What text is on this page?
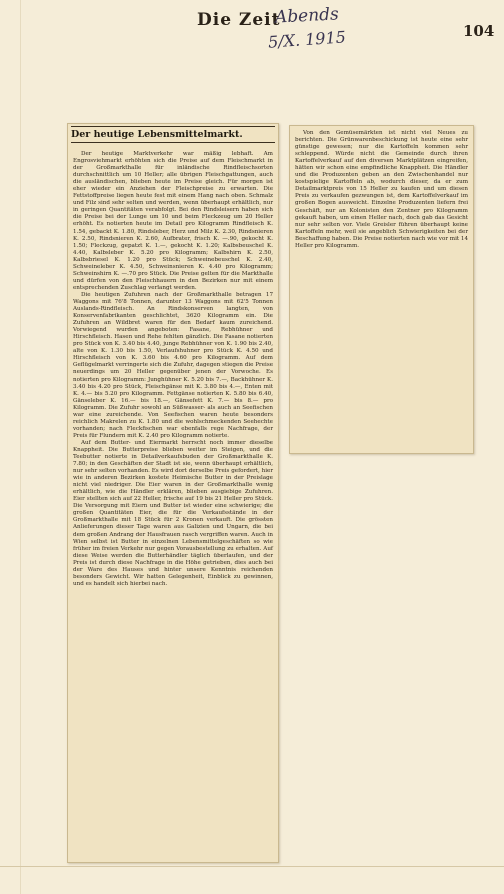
Die Zeit
Abends
5/X. 1915	104
Der heutige Lebensmittelmarkt.

Der heutige Marktverkehr war mäßig lebhaft. Am Engrosviehmarkt erhöhten sich die Preise auf dem Fleischmarkt in der Großmarkthalle für inländische Rindfleischsorten durchschnittlich um 10 Heller; alle übrigen Fleischgattungen, auch die ausländischen, blieben heute im Preise gleich. Für morgen ist eher wieder ein Anziehen der Fleischpreise zu erwarten. Die Fettstoffpreise liegen heute fest mit einem Hang nach oben. Schmalz und Filz sind sehr selten und werden, wenn überhaupt erhältlich, nur in geringen Quantitäten verabfolgt. Bei den Rindsleisern haben sich die Preise bei der Lunge um 10 und beim Fleckzeug um 20 Heller erhöht. Es notierten heute im Detail pro Kilogramm Rindfleisch K. 1.54, gebackt K. 1.80, Rindsleber, Herz und Milz K. 2.30, Rindsnieren K. 2.50, Rindsnieren K. 2.60, Aufbrater, frisch K. —.90, gekocht K. 1.50; Fleckzug, gepatzt K. 1.—, gekocht K. 1.20; Kalbsbeuschel K. 4.40, Kalbsleber K. 5.20 pro Kilogramm; Kalbshirn K. 2.50, Kalbsbriesel K. 1.20 pro Stück; Schweinebeuschel K. 2.40, Schweineleber K. 4.50, Schweinsnieren K. 4.40 pro Kilogramm; Schweinshirn K. —.70 pro Stück. Die Preise gelten für die Markthalle und dürfen von den Fleischhauern in den Bezirken nur mit einem entsprechenden Zuschlag verlangt werden.

Die heutigen Zufuhren nach der Großmarkthalle betragen 17 Waggons mit 76'8 Tonnen, darunter 13 Waggons mit 62'5 Tonnen Auslands-Rindfleisch. An Rindskonserven langten, von Konservenfabrikanten geschlichtet, 3620 Kilogramm ein. Die Zufuhren an Wildbret waren für den Bedarf kaum zureichend. Vorwiegend wurden angeboten: Fasane, Rebhühner und Hirschfleisch. Hasen und Rehe fehlten gänzlich. Die Fasane notierten pro Stück von K. 3.40 bis 4.40, junge Rebhühner von K. 1.90 bis 2.40, alte von K. 1.30 bis 1.50, Verlaufshuhner pro Stück K. 4.50 und Hirschfleisch von K. 3.60 bis 4.60 pro Kilogramm. Auf dem Geflügelmarkt verringerte sich die Zufuhr, dagegen stiegen die Preise neuerdings um 20 Heller gegenüber jenen der Vorwoche. Es notierten pro Kilogramm: Junghühner K. 5.20 bis 7.—, Backhühner K. 3.40 bis 4.20 pro Stück, Fleischgänse mit K. 3.80 bis 4.—, Enten mit K. 4.— bis 5.20 pro Kilogramm. Fettgänse notierten K. 5.80 bis 6.40, Gänseleber K. 16.— bis 18.—, Gänsefett K. 7.— bis 8.— pro Kilogramm. Die Zufuhr sowohl an Süßwasser- als auch an Seefischen war eine zureichende. Von Seefischen waren heute besonders reichlich Makrelen zu K. 1.80 und die wohlschmeckenden Seehechte vorhanden; nach Fleckfischen war ebenfalls rege Nachfrage, der Preis für Flundern mit K. 2.40 pro Kilogramm notierte.

Auf dem Butter- und Eiermarkt herrscht noch immer dieselbe Knappheit. Die Butterpreise blieben weiter im Steigen, und die Teebutter notierte in Detailverkaufsbuden der Großmarkthalle K. 7.80; in den Geschäften der Stadt ist sie, wenn überhaupt erhältlich, nur sehr selten vorhanden. Es wird dort derselbe Preis gefordert, hier wie in anderen Bezirken kostete Heimische Butter in der Preislage nicht viel niedriger. Die Eier waren in der Großmarkthalle wenig erhältlich, wie die Händler erklären, blieben ausgiebige Zufuhren. Eier stellten sich auf 22 Heller, frische auf 19 bis 21 Heller pro Stück. Die Versorgung mit Eiern und Butter ist wieder eine schwierige; die großen Quantitäten Eier, die für die Verkaufsstände in der Großmarkthalle mit 18 Stück für 2 Kronen verkauft. Die grössten Anlieferungen dieser Tage waren aus Galizien und Ungarn, die bei dem großen Andrang der Hausfrauen rasch vergriffen waren. Auch in Wien selbst ist Butter in einzelnen Lebensmittelgeschäften so wie früher im freien Verkehr nur gegen Vorausbestellung zu erhalten. Auf diese Weise werden die Butterhändler täglich überlaufen, und der Preis ist durch diese Nachfrage in die Höhe getrieben, dies auch bei der Ware des Hauses und hinter unsere Kenntnis reichenden besonders Gewicht. Wir hatten Gelegenheit, Einblick zu gewinnen, und es handelt sich hierbei nach.

Von den Gemüsemärkten ist nicht viel Neues zu berichten. Die Grünwarenbeschickung ist heute eine sehr günstige gewesen; nur die Kartoffeln kommen sehr schleppend. Würde nicht die Gemeinde durch ihren Kartoffelverkauf auf den diversen Marktplätzen eingreifen, hätten wir schon eine empfindliche Knappheit. Die Händler und die Produzenten geben an den Zwischenhandel nur kostspielige Kartoffeln ab, wodurch dieser, da er zum Detailmarktpreis von 15 Heller zu kaufen und um diesen Preis zu verkaufen gezwungen ist, dem Kartoffelverkauf im großen Bogen ausweicht. Einzelne Produzenten liefern frei Geschäft, nur an Kolonisten den Zentner pro Kilogramm gekauft haben, um einen Heller nach, doch gab das Gesicht nur sehr selten vor. Viele Greisler führen überhaupt keine Kartoffeln mehr, weil sie angeblich Schwierigkeiten bei der Beschaffung haben. Die Preise notierten nach wie vor mit 14 Heller pro Kilogramm.
